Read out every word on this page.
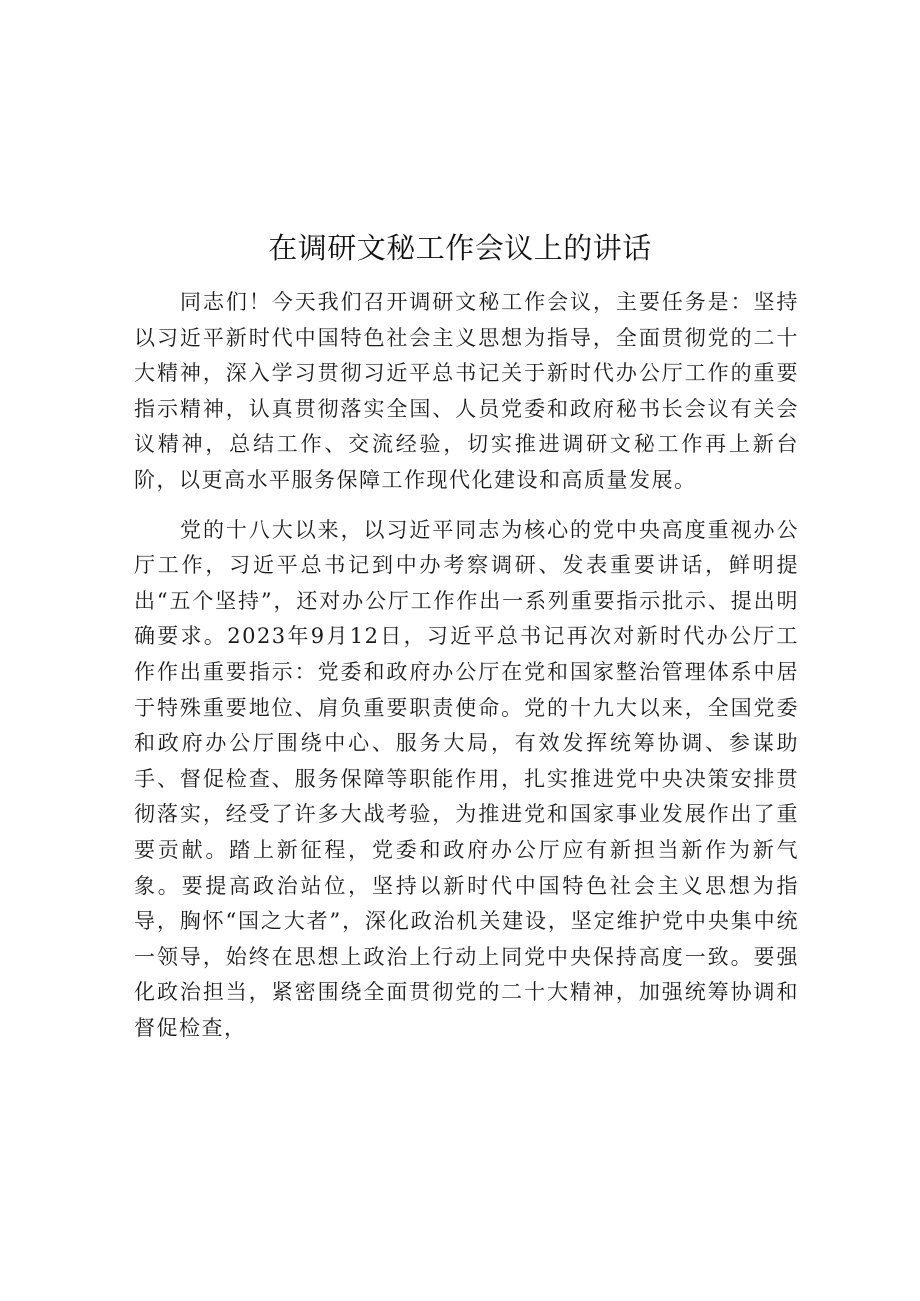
在调研文秘工作会议上的讲话

同志们！今天我们召开调研文秘工作会议，主要任务是：坚持以习近平新时代中国特色社会主义思想为指导，全面贯彻党的二十大精神，深入学习贯彻习近平总书记关于新时代办公厅工作的重要指示精神，认真贯彻落实全国、人员党委和政府秘书长会议有关会议精神，总结工作、交流经验，切实推进调研文秘工作再上新台阶，以更高水平服务保障工作现代化建设和高质量发展。

党的十八大以来，以习近平同志为核心的党中央高度重视办公厅工作，习近平总书记到中办考察调研、发表重要讲话，鲜明提出“五个坚持”，还对办公厅工作作出一系列重要指示批示、提出明确要求。2023年9月12日，习近平总书记再次对新时代办公厅工作作出重要指示：党委和政府办公厅在党和国家整治管理体系中居于特殊重要地位、肩负重要职责使命。党的十九大以来，全国党委和政府办公厅围绕中心、服务大局，有效发挥统筹协调、参谋助手、督促检查、服务保障等职能作用，扎实推进党中央决策安排贯彻落实，经受了许多大战考验，为推进党和国家事业发展作出了重要贡献。踏上新征程，党委和政府办公厅应有新担当新作为新气象。要提高政治站位，坚持以新时代中国特色社会主义思想为指导，胸怀“国之大者”，深化政治机关建设，坚定维护党中央集中统一领导，始终在思想上政治上行动上同党中央保持高度一致。要强化政治担当，紧密围绕全面贯彻党的二十大精神，加强统筹协调和督促检查，
